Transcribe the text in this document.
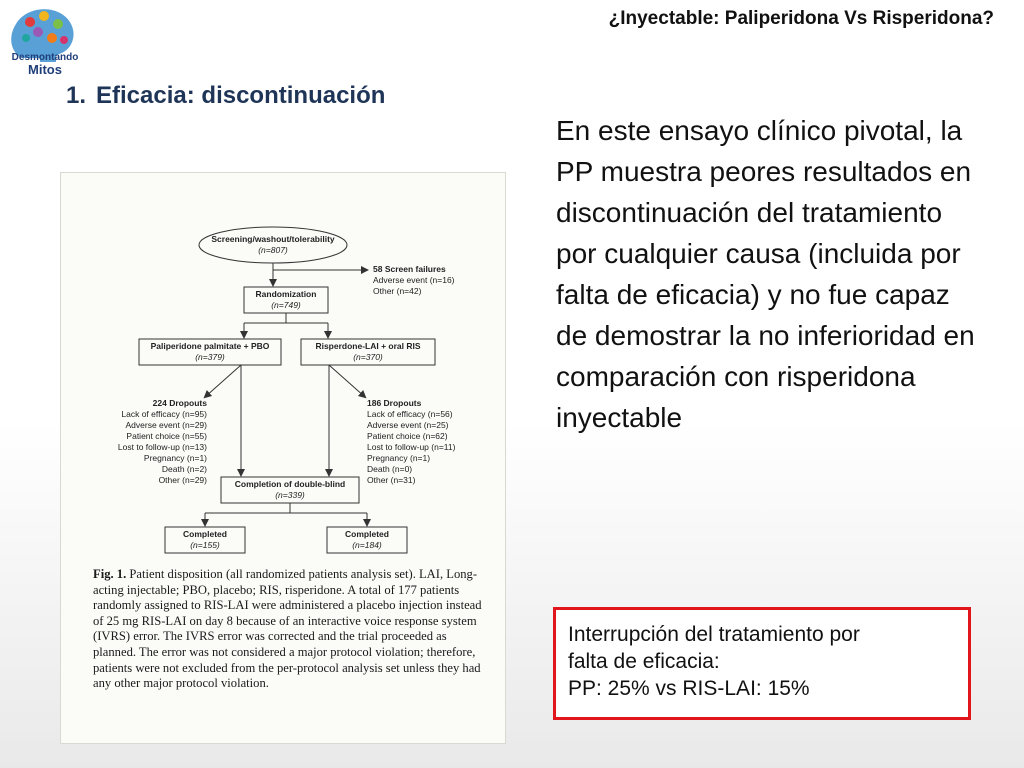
Desmontando
Mitos
¿Inyectable: Paliperidona Vs Risperidona?
1. Eficacia: discontinuación
Screening/washout/tolerability
(n=807)
58 Screen failures
Adverse event (n=16)
Other (n=42)
Randomization
(n=749)
Paliperidone palmitate + PBO
(n=379)
Risperdone-LAI + oral RIS
(n=370)
224 Dropouts
Lack of efficacy (n=95)
Adverse event (n=29)
Patient choice (n=55)
Lost to follow-up (n=13)
Pregnancy (n=1)
Death (n=2)
Other (n=29)
186 Dropouts
Lack of efficacy (n=56)
Adverse event (n=25)
Patient choice (n=62)
Lost to follow-up (n=11)
Pregnancy (n=1)
Death (n=0)
Other (n=31)
Completion of double-blind
(n=339)
Completed
(n=155)
Completed
(n=184)
Fig. 1. Patient disposition (all randomized patients analysis set). LAI, Long-acting injectable; PBO, placebo; RIS, risperidone. A total of 177 patients randomly assigned to RIS-LAI were administered a placebo injection instead of 25 mg RIS-LAI on day 8 because of an interactive voice response system (IVRS) error. The IVRS error was corrected and the trial proceeded as planned. The error was not considered a major protocol violation; therefore, patients were not excluded from the per-protocol analysis set unless they had any other major protocol violation.
En este ensayo clínico pivotal, la PP muestra peores resultados en discontinuación del tratamiento por cualquier causa (incluida por falta de eficacia) y no fue capaz de demostrar la no inferioridad en comparación con risperidona inyectable
Interrupción del tratamiento por
falta de eficacia:
PP: 25% vs RIS-LAI: 15%
